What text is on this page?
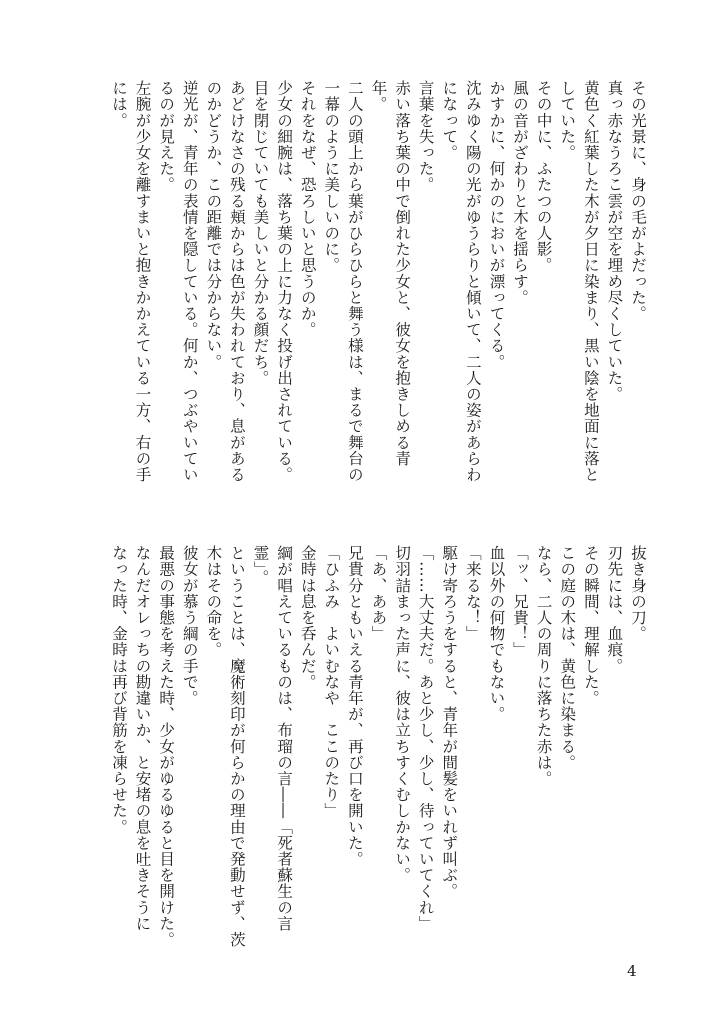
その光景に、身の毛がよだった。
真っ赤なうろこ雲が空を埋め尽くしていた。
黄色く紅葉した木が夕日に染まり、黒い陰を地面に落と
していた。
その中に、ふたつの人影。
風の音がざわりと木を揺らす。
かすかに、何かのにおいが漂ってくる。
沈みゆく陽の光がゆうらりと傾いて、二人の姿があらわ
になって。
言葉を失った。
赤い落ち葉の中で倒れた少女と、彼女を抱きしめる青
年。
二人の頭上から葉がひらひらと舞う様は、まるで舞台の
一幕のように美しいのに。
それをなぜ、恐ろしいと思うのか。
少女の細腕は、落ち葉の上に力なく投げ出されている。
目を閉じていても美しいと分かる顔だち。
あどけなさの残る頬からは色が失われており、息がある
のかどうか、この距離では分からない。
逆光が、青年の表情を隠している。何か、つぶやいてい
るのが見えた。
左腕が少女を離すまいと抱きかかえている一方、右の手
には。
抜き身の刀。
刃先には、血痕。
その瞬間、理解した。
この庭の木は、黄色に染まる。
なら、二人の周りに落ちた赤は。
「ッ、兄貴！」
血以外の何物でもない。
「来るな！」
駆け寄ろうをすると、青年が間髪をいれず叫ぶ。
「……大丈夫だ。あと少し、少し、待っていてくれ」
切羽詰まった声に、彼は立ちすくむしかない。
「あ、ああ」
兄貴分ともいえる青年が、再び口を開いた。
「ひふみ　よいむなや　ここのたり」
金時は息を呑んだ。
綱が唱えているものは、布瑠の言――「死者蘇生の言
霊」。
ということは、魔術刻印が何らかの理由で発動せず、茨
木はその命を。
彼女が慕う綱の手で。
最悪の事態を考えた時、少女がゆるゆると目を開けた。
なんだオレっちの勘違いか、と安堵の息を吐きそうに
なった時、金時は再び背筋を凍らせた。
4
